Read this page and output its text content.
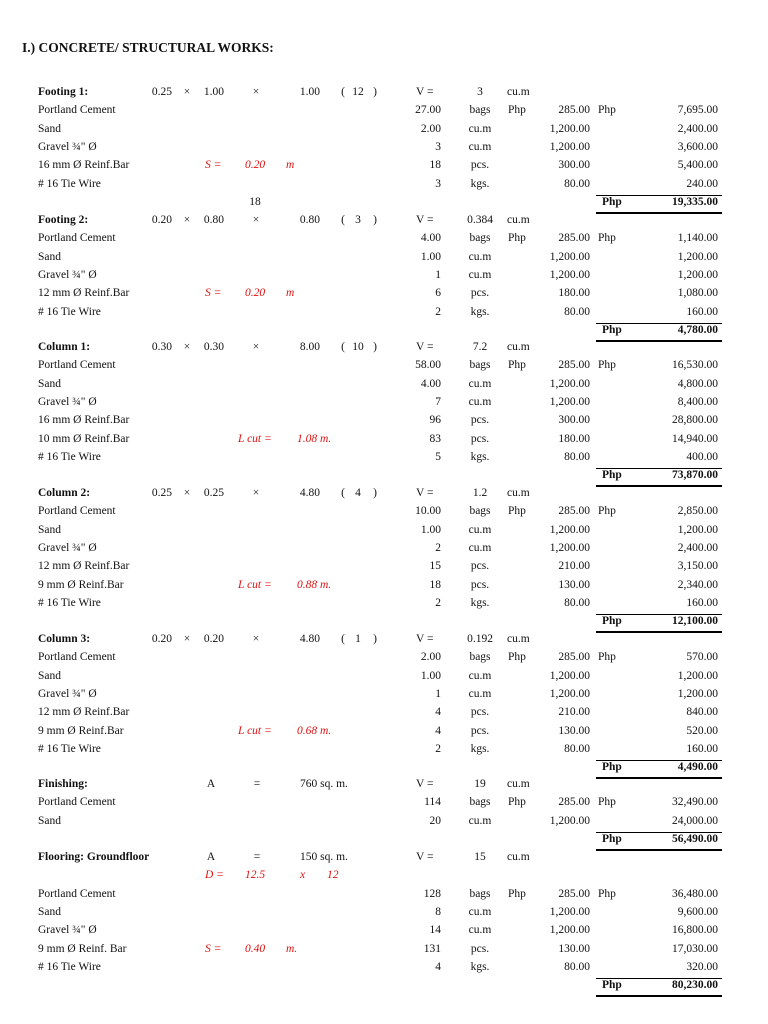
I.) CONCRETE/ STRUCTURAL WORKS:
Footing 1:	0.25 ×	1.00	×	1.00 ( 12 )	V =	3	cu.m
Portland Cement	27.00	bags	Php	285.00 Php	7,695.00
Sand	2.00	cu.m	1,200.00	2,400.00
Gravel ¾" Ø	3	cu.m	1,200.00	3,600.00
16 mm Ø Reinf.Bar	S = 0.20 m	18	pcs.	300.00	5,400.00
# 16 Tie Wire	3	kgs.	80.00	240.00
Php	19,335.00
18
Footing 2:	0.20 ×	0.80	×	0.80 ( 3	)	V =	0.384	cu.m
Portland Cement	4.00	bags	Php	285.00 Php	1,140.00
Sand	1.00	cu.m	1,200.00	1,200.00
Gravel ¾" Ø	1	cu.m	1,200.00	1,200.00
12 mm Ø Reinf.Bar	S = 0.20 m	6	pcs.	180.00	1,080.00
# 16 Tie Wire	2	kgs.	80.00	160.00
Php	4,780.00
Column 1:	0.30 ×	0.30	×	8.00 ( 10 )	V =	7.2	cu.m
Portland Cement	58.00	bags	Php	285.00 Php	16,530.00
Sand	4.00	cu.m	1,200.00	4,800.00
Gravel ¾" Ø	7	cu.m	1,200.00	8,400.00
16 mm Ø Reinf.Bar	96	pcs.	300.00	28,800.00
10 mm Ø Reinf.Bar	L cut = 1.08 m.	83	pcs.	180.00	14,940.00
# 16 Tie Wire	5	kgs.	80.00	400.00
Php	73,870.00
Column 2:	0.25 ×	0.25	×	4.80 ( 4	)	V =	1.2	cu.m
Portland Cement	10.00	bags	Php	285.00 Php	2,850.00
Sand	1.00	cu.m	1,200.00	1,200.00
Gravel ¾" Ø	2	cu.m	1,200.00	2,400.00
12 mm Ø Reinf.Bar	15	pcs.	210.00	3,150.00
9 mm Ø Reinf.Bar	L cut = 0.88 m.	18	pcs.	130.00	2,340.00
# 16 Tie Wire	2	kgs.	80.00	160.00
Php	12,100.00
Column 3:	0.20 ×	0.20	×	4.80 ( 1	)	V =	0.192	cu.m
Portland Cement	2.00	bags	Php	285.00 Php	570.00
Sand	1.00	cu.m	1,200.00	1,200.00
Gravel ¾" Ø	1	cu.m	1,200.00	1,200.00
12 mm Ø Reinf.Bar	4	pcs.	210.00	840.00
9 mm Ø Reinf.Bar	L cut = 0.68 m.	4	pcs.	130.00	520.00
# 16 Tie Wire	2	kgs.	80.00	160.00
Php	4,490.00
Finishing:	A	=	760 sq. m.	V =	19	cu.m
Portland Cement	114	bags	Php	285.00 Php	32,490.00
Sand	20	cu.m	1,200.00	24,000.00
Php	56,490.00
Flooring: Groundfloor	A	=	150 sq. m.	V =	15	cu.m
D = 12.5	x 12
Portland Cement	128	bags	Php	285.00 Php	36,480.00
Sand	8	cu.m	1,200.00	9,600.00
Gravel ¾" Ø	14	cu.m	1,200.00	16,800.00
9 mm Ø Reinf. Bar	S = 0.40 m.	131	pcs.	130.00	17,030.00
# 16 Tie Wire	4	kgs.	80.00	320.00
Php	80,230.00
